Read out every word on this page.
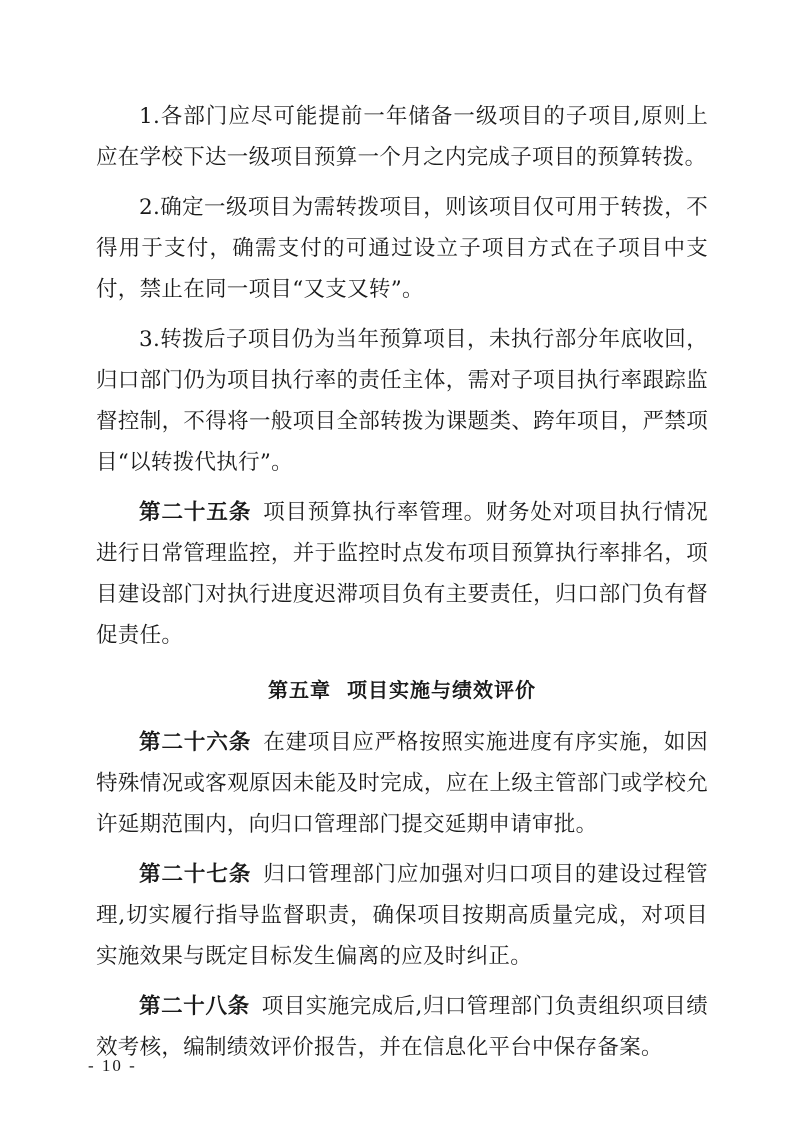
1.各部门应尽可能提前一年储备一级项目的子项目,原则上应在学校下达一级项目预算一个月之内完成子项目的预算转拨。

2.确定一级项目为需转拨项目，则该项目仅可用于转拨，不得用于支付，确需支付的可通过设立子项目方式在子项目中支付，禁止在同一项目“又支又转”。

3.转拨后子项目仍为当年预算项目，未执行部分年底收回，归口部门仍为项目执行率的责任主体，需对子项目执行率跟踪监督控制，不得将一般项目全部转拨为课题类、跨年项目，严禁项目“以转拨代执行”。

第二十五条 项目预算执行率管理。财务处对项目执行情况进行日常管理监控，并于监控时点发布项目预算执行率排名，项目建设部门对执行进度迟滞项目负有主要责任，归口部门负有督促责任。

第五章 项目实施与绩效评价

第二十六条 在建项目应严格按照实施进度有序实施，如因特殊情况或客观原因未能及时完成，应在上级主管部门或学校允许延期范围内，向归口管理部门提交延期申请审批。

第二十七条 归口管理部门应加强对归口项目的建设过程管理,切实履行指导监督职责，确保项目按期高质量完成，对项目实施效果与既定目标发生偏离的应及时纠正。

第二十八条 项目实施完成后,归口管理部门负责组织项目绩效考核，编制绩效评价报告，并在信息化平台中保存备案。

- 10 -
